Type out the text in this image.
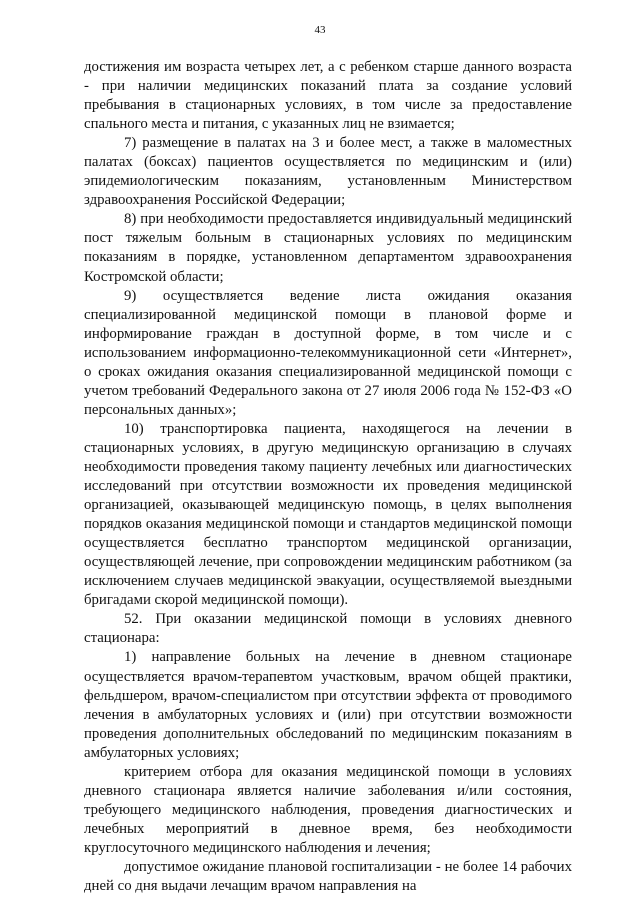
43

достижения им возраста четырех лет, а с ребенком старше данного возраста - при наличии медицинских показаний плата за создание условий пребывания в стационарных условиях, в том числе за предоставление спального места и питания, с указанных лиц не взимается;

7) размещение в палатах на 3 и более мест, а также в маломестных палатах (боксах) пациентов осуществляется по медицинским и (или) эпидемиологическим показаниям, установленным Министерством здравоохранения Российской Федерации;

8) при необходимости предоставляется индивидуальный медицинский пост тяжелым больным в стационарных условиях по медицинским показаниям в порядке, установленном департаментом здравоохранения Костромской области;

9) осуществляется ведение листа ожидания оказания специализированной медицинской помощи в плановой форме и информирование граждан в доступной форме, в том числе и с использованием информационно-телекоммуникационной сети «Интернет», о сроках ожидания оказания специализированной медицинской помощи с учетом требований Федерального закона от 27 июля 2006 года № 152-ФЗ «О персональных данных»;

10) транспортировка пациента, находящегося на лечении в стационарных условиях, в другую медицинскую организацию в случаях необходимости проведения такому пациенту лечебных или диагностических исследований при отсутствии возможности их проведения медицинской организацией, оказывающей медицинскую помощь, в целях выполнения порядков оказания медицинской помощи и стандартов медицинской помощи осуществляется бесплатно транспортом медицинской организации, осуществляющей лечение, при сопровождении медицинским работником (за исключением случаев медицинской эвакуации, осуществляемой выездными бригадами скорой медицинской помощи).

52. При оказании медицинской помощи в условиях дневного стационара:

1) направление больных на лечение в дневном стационаре осуществляется врачом-терапевтом участковым, врачом общей практики, фельдшером, врачом-специалистом при отсутствии эффекта от проводимого лечения в амбулаторных условиях и (или) при отсутствии возможности проведения дополнительных обследований по медицинским показаниям в амбулаторных условиях;

критерием отбора для оказания медицинской помощи в условиях дневного стационара является наличие заболевания и/или состояния, требующего медицинского наблюдения, проведения диагностических и лечебных мероприятий в дневное время, без необходимости круглосуточного медицинского наблюдения и лечения;

допустимое ожидание плановой госпитализации - не более 14 рабочих дней со дня выдачи лечащим врачом направления на
